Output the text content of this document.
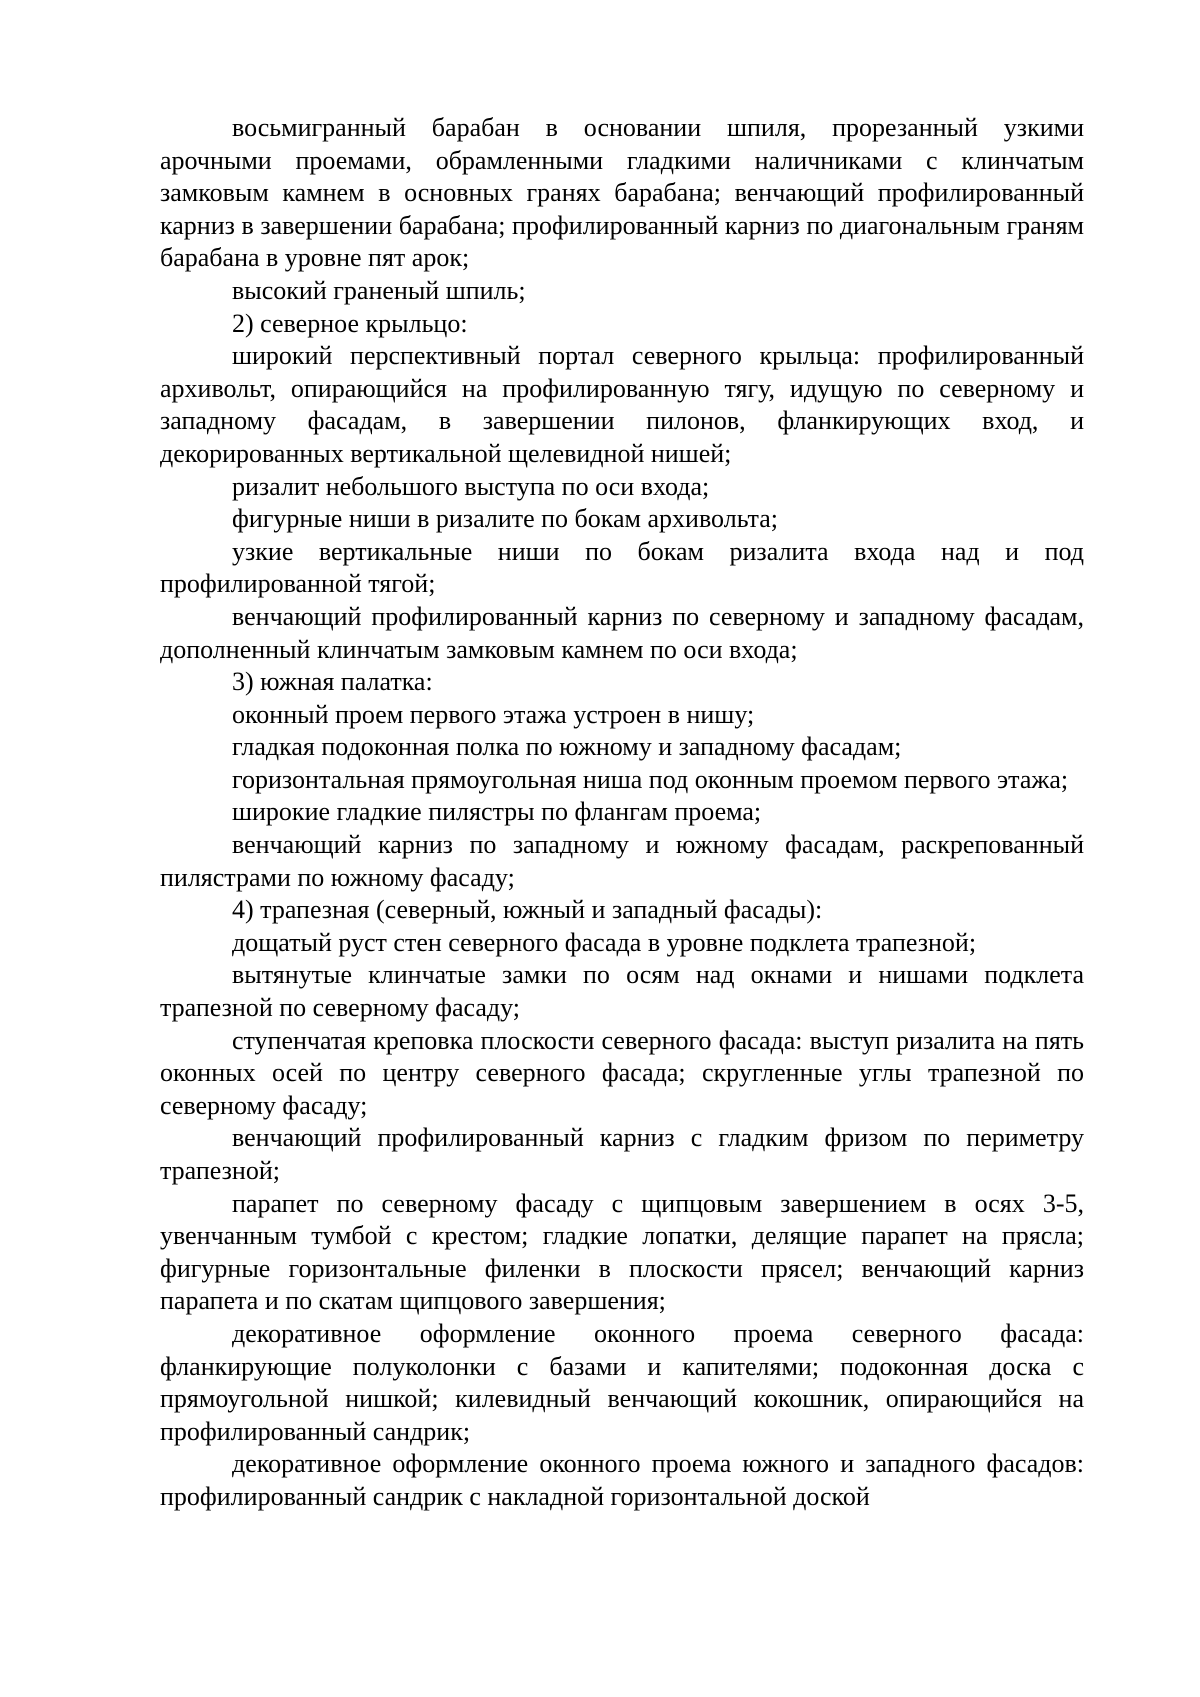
восьмигранный барабан в основании шпиля, прорезанный узкими арочными проемами, обрамленными гладкими наличниками с клинчатым замковым камнем в основных гранях барабана; венчающий профилированный карниз в завершении барабана; профилированный карниз по диагональным граням барабана в уровне пят арок;

высокий граненый шпиль;

2) северное крыльцо:

широкий перспективный портал северного крыльца: профилированный архивольт, опирающийся на профилированную тягу, идущую по северному и западному фасадам, в завершении пилонов, фланкирующих вход, и декорированных вертикальной щелевидной нишей;

ризалит небольшого выступа по оси входа;

фигурные ниши в ризалите по бокам архивольта;

узкие вертикальные ниши по бокам ризалита входа над и под профилированной тягой;

венчающий профилированный карниз по северному и западному фасадам, дополненный клинчатым замковым камнем по оси входа;

3) южная палатка:

оконный проем первого этажа устроен в нишу;

гладкая подоконная полка по южному и западному фасадам;

горизонтальная прямоугольная ниша под оконным проемом первого этажа;

широкие гладкие пилястры по флангам проема;

венчающий карниз по западному и южному фасадам, раскрепованный пилястрами по южному фасаду;

4) трапезная (северный, южный и западный фасады):

дощатый руст стен северного фасада в уровне подклета трапезной;

вытянутые клинчатые замки по осям над окнами и нишами подклета трапезной по северному фасаду;

ступенчатая креповка плоскости северного фасада: выступ ризалита на пять оконных осей по центру северного фасада; скругленные углы трапезной по северному фасаду;

венчающий профилированный карниз с гладким фризом по периметру трапезной;

парапет по северному фасаду с щипцовым завершением в осях 3-5, увенчанным тумбой с крестом; гладкие лопатки, делящие парапет на прясла; фигурные горизонтальные филенки в плоскости прясел; венчающий карниз парапета и по скатам щипцового завершения;

декоративное оформление оконного проема северного фасада: фланкирующие полуколонки с базами и капителями; подоконная доска с прямоугольной нишкой; килевидный венчающий кокошник, опирающийся на профилированный сандрик;

декоративное оформление оконного проема южного и западного фасадов: профилированный сандрик с накладной горизонтальной доской
